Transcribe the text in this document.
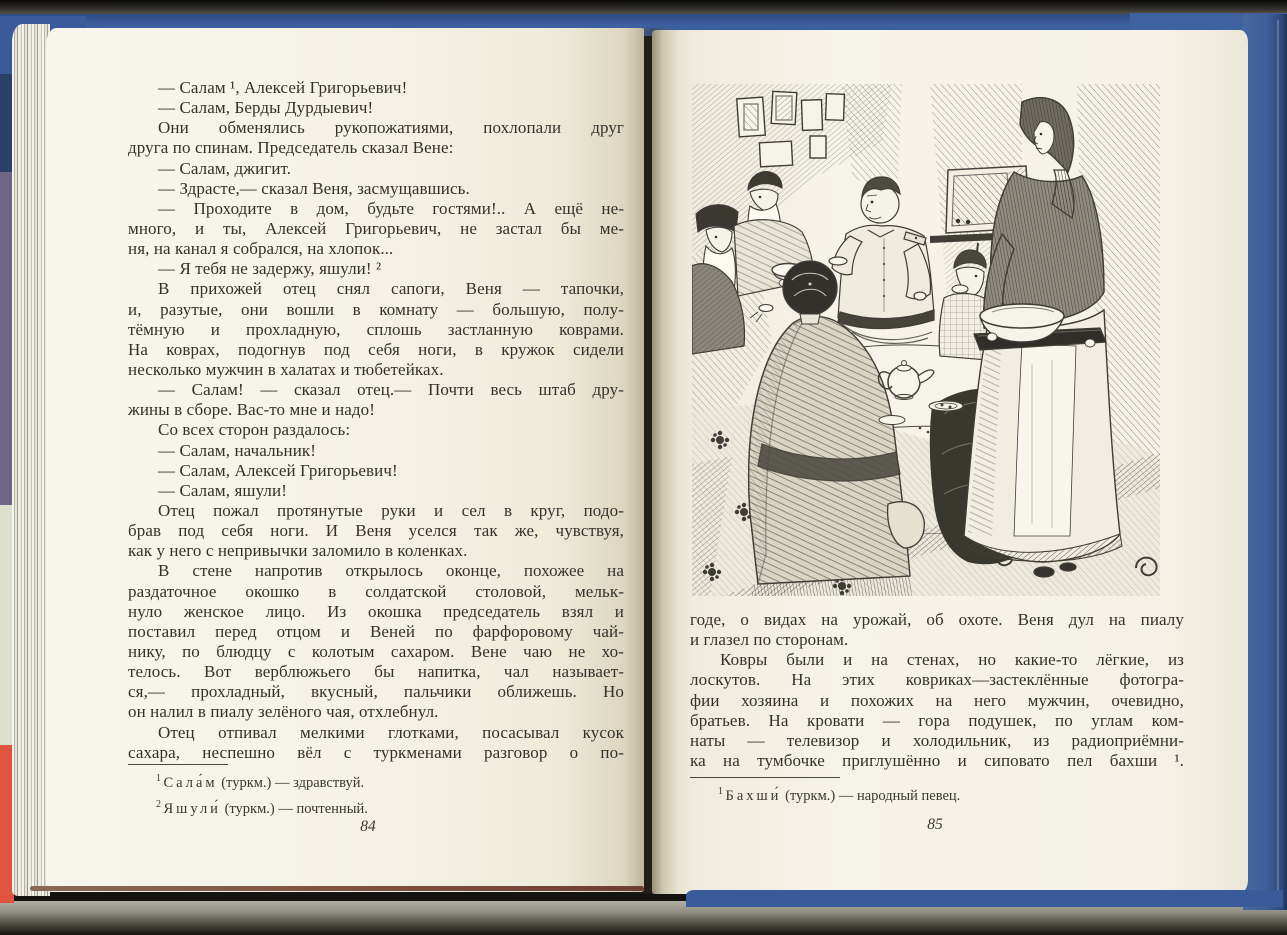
— Салам ¹, Алексей Григорьевич!
— Салам, Берды Дурдыевич!
Они обменялись рукопожатиями, похлопали друг
друга по спинам. Председатель сказал Вене:
— Салам, джигит.
— Здрасте,— сказал Веня, засмущавшись.
— Проходите в дом, будьте гостями!.. А ещё не-
много, и ты, Алексей Григорьевич, не застал бы ме-
ня, на канал я собрался, на хлопок...
— Я тебя не задержу, яшули! ²
В прихожей отец снял сапоги, Веня — тапочки,
и, разутые, они вошли в комнату — большую, полу-
тёмную и прохладную, сплошь застланную коврами.
На коврах, подогнув под себя ноги, в кружок сидели
несколько мужчин в халатах и тюбетейках.
— Салам! — сказал отец.— Почти весь штаб дру-
жины в сборе. Вас-то мне и надо!
Со всех сторон раздалось:
— Салам, начальник!
— Салам, Алексей Григорьевич!
— Салам, яшули!
Отец пожал протянутые руки и сел в круг, подо-
брав под себя ноги. И Веня уселся так же, чувствуя,
как у него с непривычки заломило в коленках.
В стене напротив открылось оконце, похожее на
раздаточное окошко в солдатской столовой, мельк-
нуло женское лицо. Из окошка председатель взял и
поставил перед отцом и Веней по фарфоровому чай-
нику, по блюдцу с колотым сахаром. Вене чаю не хо-
телось. Вот верблюжьего бы напитка, чал называет-
ся,— прохладный, вкусный, пальчики оближешь. Но
он налил в пиалу зелёного чая, отхлебнул.
Отец отпивал мелкими глотками, посасывал кусок
сахара, неспешно вёл с туркменами разговор о по-
$^1$ Сала́м (туркм.) — здравствуй.
$^2$ Яшули́ (туркм.) — почтенный.
84
годе, о видах на урожай, об охоте. Веня дул на пиалу
и глазел по сторонам.
Ковры были и на стенах, но какие-то лёгкие, из
лоскутов. На этих ковриках—застеклённые фотогра-
фии хозяина и похожих на него мужчин, очевидно,
братьев. На кровати — гора подушек, по углам ком-
наты — телевизор и холодильник, из радиоприёмни-
ка на тумбочке приглушённо и сиповато пел бахши ¹.
$^1$ Бахши́ (туркм.) — народный певец.
85
